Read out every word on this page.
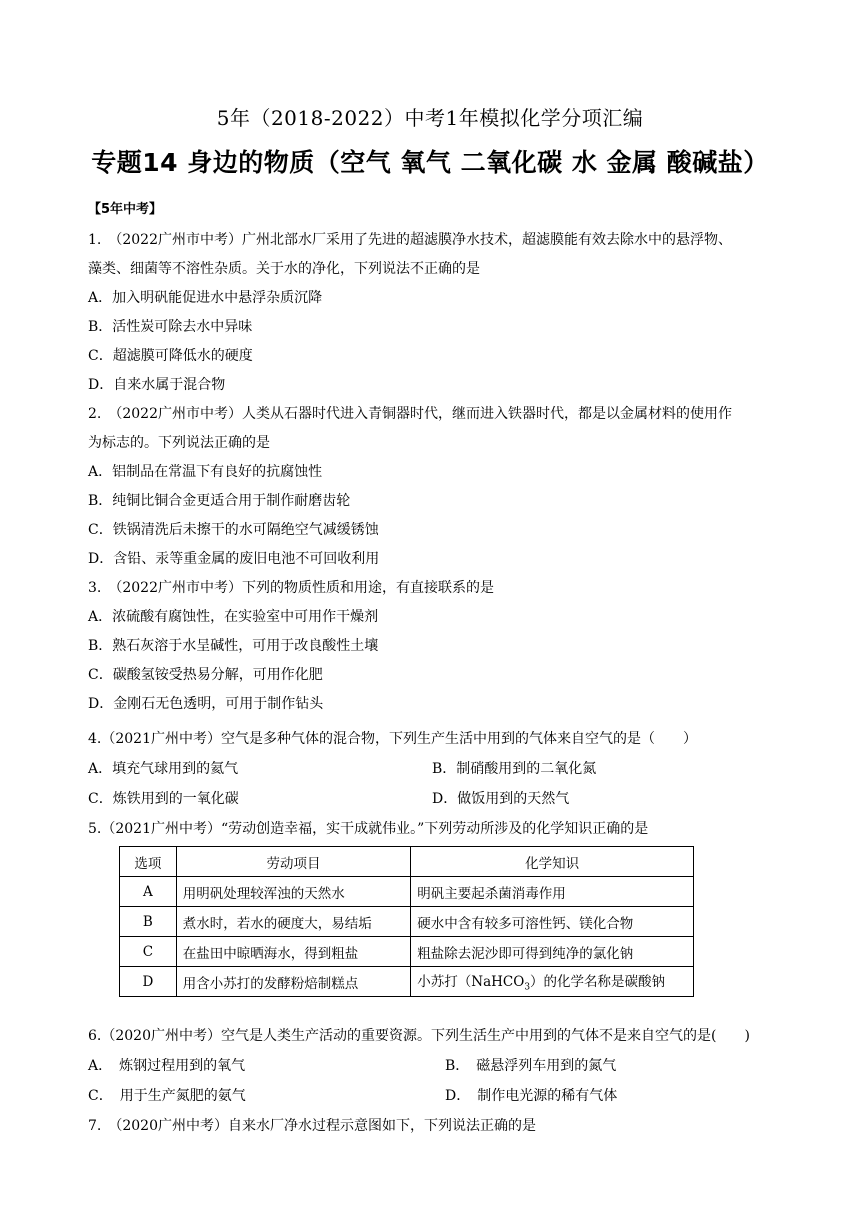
5年（2018-2022）中考1年模拟化学分项汇编
专题14 身边的物质（空气 氧气 二氧化碳 水 金属 酸碱盐）
【5年中考】
1.　（2022广州市中考）广州北部水厂采用了先进的超滤膜净水技术，超滤膜能有效去除水中的悬浮物、
藻类、细菌等不溶性杂质。关于水的净化，下列说法不正确的是
A．加入明矾能促进水中悬浮杂质沉降
B．活性炭可除去水中异味
C．超滤膜可降低水的硬度
D．自来水属于混合物
2.　（2022广州市中考）人类从石器时代进入青铜器时代，继而进入铁器时代，都是以金属材料的使用作
为标志的。下列说法正确的是
A．铝制品在常温下有良好的抗腐蚀性
B．纯铜比铜合金更适合用于制作耐磨齿轮
C．铁锅清洗后未擦干的水可隔绝空气减缓锈蚀
D．含铅、汞等重金属的废旧电池不可回收利用
3.　（2022广州市中考）下列的物质性质和用途，有直接联系的是
A．浓硫酸有腐蚀性，在实验室中可用作干燥剂
B．熟石灰溶于水呈碱性，可用于改良酸性土壤
C．碳酸氢铵受热易分解，可用作化肥
D．金刚石无色透明，可用于制作钻头
4.（2021广州中考）空气是多种气体的混合物，下列生产生活中用到的气体来自空气的是（　　）
A．填充气球用到的氦气	B．制硝酸用到的二氧化氮
C．炼铁用到的一氧化碳	D．做饭用到的天然气
5.（2021广州中考）“劳动创造幸福，实干成就伟业。”下列劳动所涉及的化学知识正确的是
选项	劳动项目	化学知识
A	用明矾处理较浑浊的天然水	明矾主要起杀菌消毒作用
B	煮水时，若水的硬度大，易结垢	硬水中含有较多可溶性钙、镁化合物
C	在盐田中晾晒海水，得到粗盐	粗盐除去泥沙即可得到纯净的氯化钠
D	用含小苏打的发酵粉焙制糕点	小苏打（NaHCO$_3$）的化学名称是碳酸钠
6.（2020广州中考）空气是人类生产活动的重要资源。下列生活生产中用到的气体不是来自空气的是(　　)
A．　炼钢过程用到的氧气	B．　磁悬浮列车用到的氮气
C．　用于生产氮肥的氨气	D．　制作电光源的稀有气体
7.　（2020广州中考）自来水厂净水过程示意图如下，下列说法正确的是
